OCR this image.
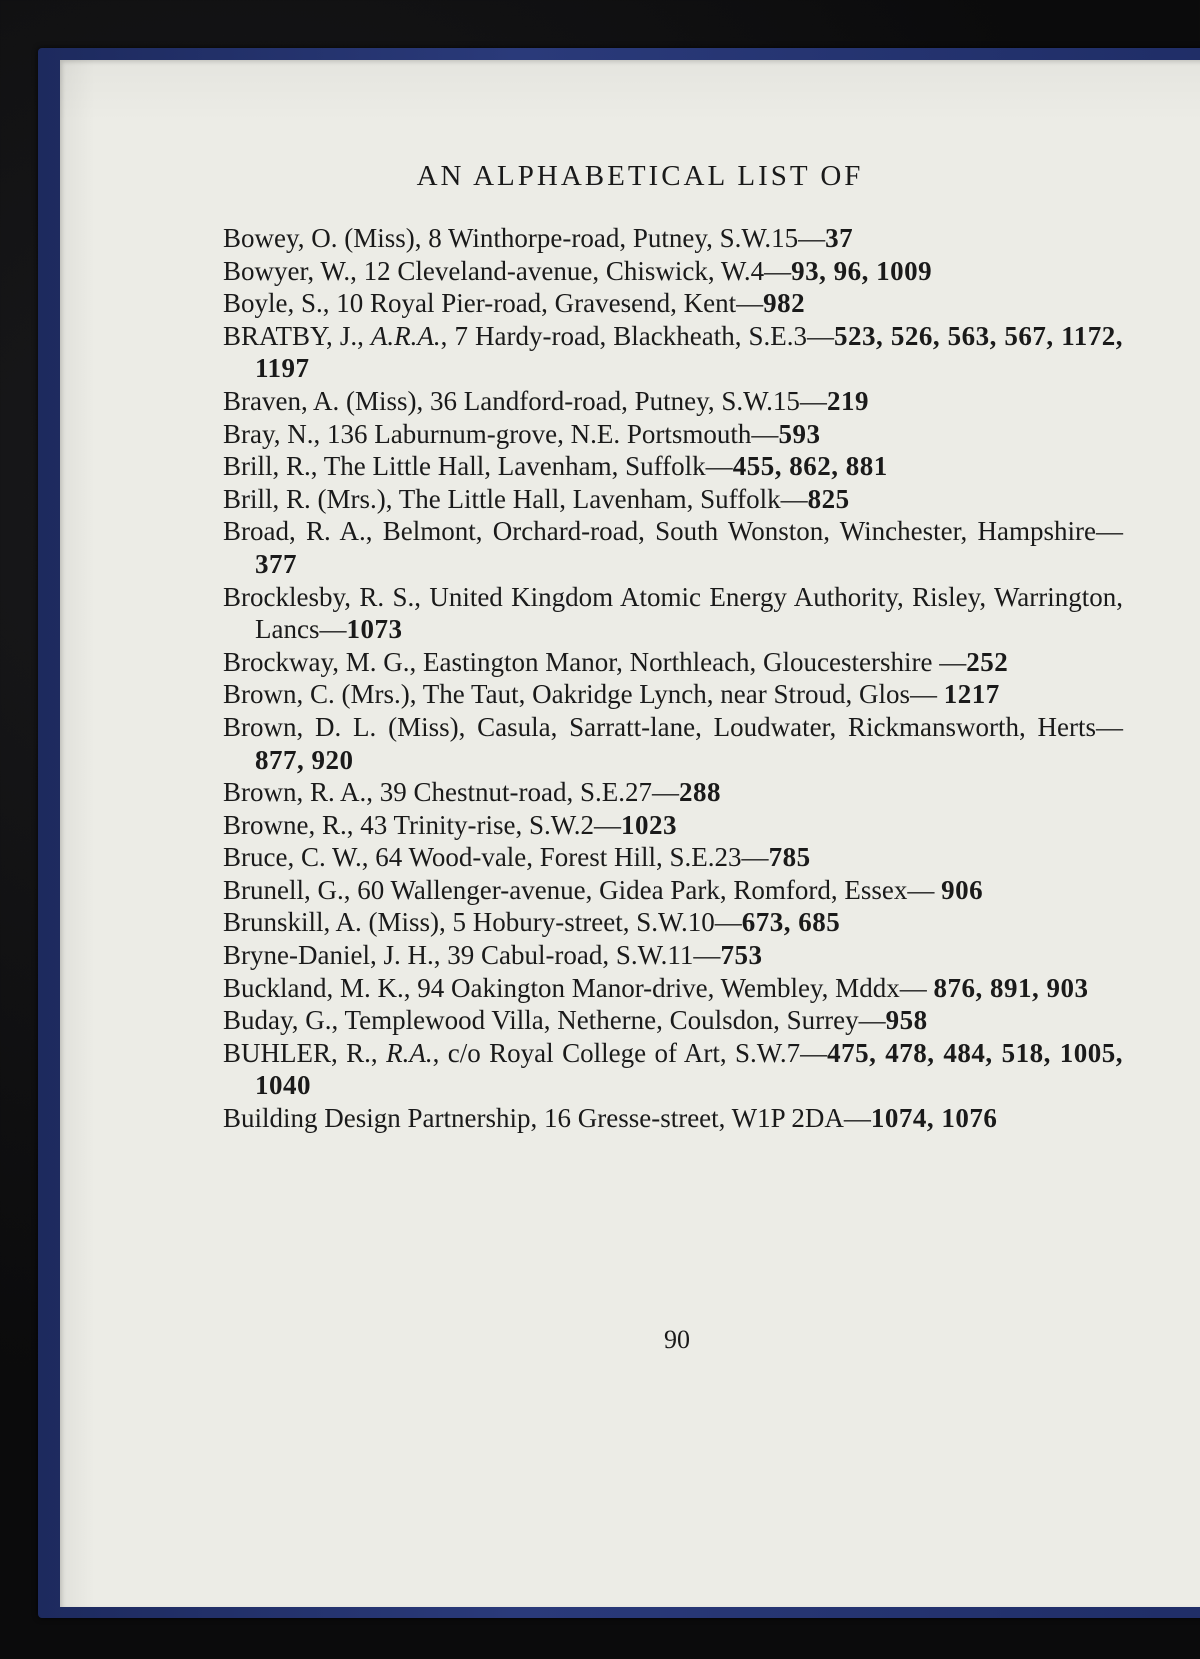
AN ALPHABETICAL LIST OF
Bowey, O. (Miss), 8 Winthorpe-road, Putney, S.W.15—37
Bowyer, W., 12 Cleveland-avenue, Chiswick, W.4—93, 96, 1009
Boyle, S., 10 Royal Pier-road, Gravesend, Kent—982
BRATBY, J., A.R.A., 7 Hardy-road, Blackheath, S.E.3—523, 526, 563, 567, 1172, 1197
Braven, A. (Miss), 36 Landford-road, Putney, S.W.15—219
Bray, N., 136 Laburnum-grove, N.E. Portsmouth—593
Brill, R., The Little Hall, Lavenham, Suffolk—455, 862, 881
Brill, R. (Mrs.), The Little Hall, Lavenham, Suffolk—825
Broad, R. A., Belmont, Orchard-road, South Wonston, Winchester, Hampshire—377
Brocklesby, R. S., United Kingdom Atomic Energy Authority, Risley, Warrington, Lancs—1073
Brockway, M. G., Eastington Manor, Northleach, Gloucestershire —252
Brown, C. (Mrs.), The Taut, Oakridge Lynch, near Stroud, Glos— 1217
Brown, D. L. (Miss), Casula, Sarratt-lane, Loudwater, Rickmansworth, Herts—877, 920
Brown, R. A., 39 Chestnut-road, S.E.27—288
Browne, R., 43 Trinity-rise, S.W.2—1023
Bruce, C. W., 64 Wood-vale, Forest Hill, S.E.23—785
Brunell, G., 60 Wallenger-avenue, Gidea Park, Romford, Essex— 906
Brunskill, A. (Miss), 5 Hobury-street, S.W.10—673, 685
Bryne-Daniel, J. H., 39 Cabul-road, S.W.11—753
Buckland, M. K., 94 Oakington Manor-drive, Wembley, Mddx— 876, 891, 903
Buday, G., Templewood Villa, Netherne, Coulsdon, Surrey—958
BUHLER, R., R.A., c/o Royal College of Art, S.W.7—475, 478, 484, 518, 1005, 1040
Building Design Partnership, 16 Gresse-street, W1P 2DA—1074, 1076
90
